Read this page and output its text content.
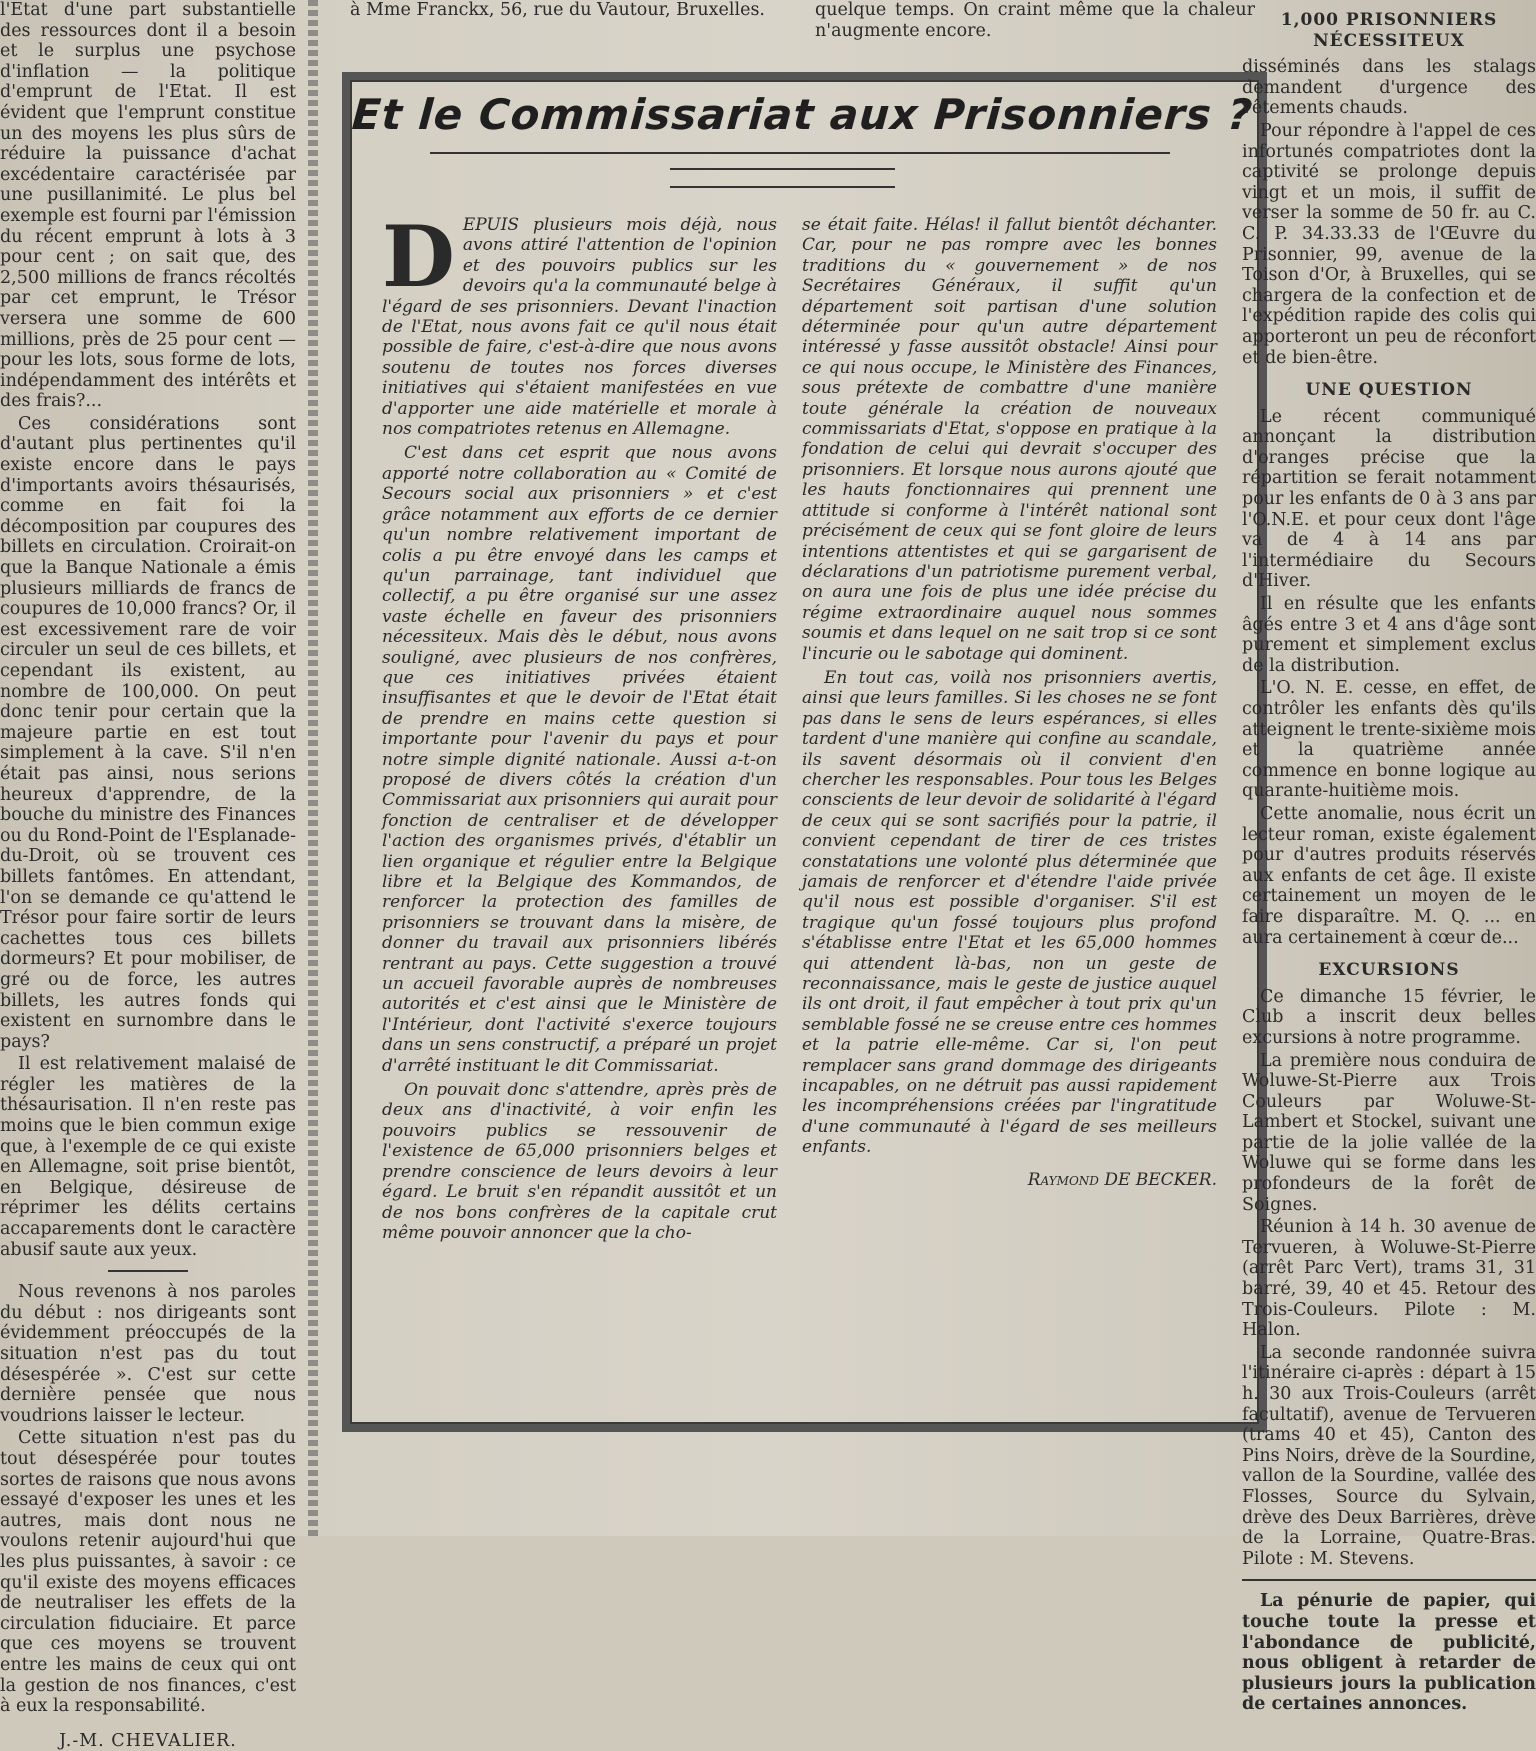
l'Etat d'une part substantielle des ressources dont il a besoin et le surplus une psychose d'inflation — la politique d'emprunt de l'Etat. Il est évident que l'emprunt constitue un des moyens les plus sûrs de réduire la puissance d'achat excédentaire caractérisée par une pusillanimité. Le plus bel exemple est fourni par l'émission du récent emprunt à lots à 3 pour cent ; on sait que, des 2,500 millions de francs récoltés par cet emprunt, le Trésor versera une somme de 600 millions, près de 25 pour cent — pour les lots, sous forme de lots, indépendamment des intérêts et des frais?...

Ces considérations sont d'autant plus pertinentes qu'il existe encore dans le pays d'importants avoirs thésaurisés, comme en fait foi la décomposition par coupures des billets en circulation. Croirait-on que la Banque Nationale a émis plusieurs milliards de francs de coupures de 10,000 francs? Or, il est excessivement rare de voir circuler un seul de ces billets, et cependant ils existent, au nombre de 100,000. On peut donc tenir pour certain que la majeure partie en est tout simplement à la cave. S'il n'en était pas ainsi, nous serions heureux d'apprendre, de la bouche du ministre des Finances ou du Rond-Point de l'Esplanade-du-Droit, où se trouvent ces billets fantômes. En attendant, l'on se demande ce qu'attend le Trésor pour faire sortir de leurs cachettes tous ces billets dormeurs? Et pour mobiliser, de gré ou de force, les autres billets, les autres fonds qui existent en surnombre dans le pays?

Il est relativement malaisé de régler les matières de la thésaurisation. Il n'en reste pas moins que le bien commun exige que, à l'exemple de ce qui existe en Allemagne, soit prise bientôt, en Belgique, désireuse de réprimer les délits certains accaparements dont le caractère abusif saute aux yeux.

Nous revenons à nos paroles du début : nos dirigeants sont évidemment préoccupés de la situation n'est pas du tout désespérée ». C'est sur cette dernière pensée que nous voudrions laisser le lecteur.

Cette situation n'est pas du tout désespérée pour toutes sortes de raisons que nous avons essayé d'exposer les unes et les autres, mais dont nous ne voulons retenir aujourd'hui que les plus puissantes, à savoir : ce qu'il existe des moyens efficaces de neutraliser les effets de la circulation fiduciaire. Et parce que ces moyens se trouvent entre les mains de ceux qui ont la gestion de nos finances, c'est à eux la responsabilité.

J.-M. CHEVALIER.

à Mme Franckx, 56, rue du Vautour, Bruxelles.	quelque temps. On craint même que la chaleur n'augmente encore.

Et le Commissariat aux Prisonniers ?

DEPUIS plusieurs mois déjà, nous avons attiré l'attention de l'opinion et des pouvoirs publics sur les devoirs qu'a la communauté belge à l'égard de ses prisonniers. Devant l'inaction de l'Etat, nous avons fait ce qu'il nous était possible de faire, c'est-à-dire que nous avons soutenu de toutes nos forces diverses initiatives qui s'étaient manifestées en vue d'apporter une aide matérielle et morale à nos compatriotes retenus en Allemagne.

C'est dans cet esprit que nous avons apporté notre collaboration au « Comité de Secours social aux prisonniers » et c'est grâce notamment aux efforts de ce dernier qu'un nombre relativement important de colis a pu être envoyé dans les camps et qu'un parrainage, tant individuel que collectif, a pu être organisé sur une assez vaste échelle en faveur des prisonniers nécessiteux. Mais dès le début, nous avons souligné, avec plusieurs de nos confrères, que ces initiatives privées étaient insuffisantes et que le devoir de l'Etat était de prendre en mains cette question si importante pour l'avenir du pays et pour notre simple dignité nationale. Aussi a-t-on proposé de divers côtés la création d'un Commissariat aux prisonniers qui aurait pour fonction de centraliser et de développer l'action des organismes privés, d'établir un lien organique et régulier entre la Belgique libre et la Belgique des Kommandos, de renforcer la protection des familles de prisonniers se trouvant dans la misère, de donner du travail aux prisonniers libérés rentrant au pays. Cette suggestion a trouvé un accueil favorable auprès de nombreuses autorités et c'est ainsi que le Ministère de l'Intérieur, dont l'activité s'exerce toujours dans un sens constructif, a préparé un projet d'arrêté instituant le dit Commissariat.

On pouvait donc s'attendre, après près de deux ans d'inactivité, à voir enfin les pouvoirs publics se ressouvenir de l'existence de 65,000 prisonniers belges et prendre conscience de leurs devoirs à leur égard. Le bruit s'en répandit aussitôt et un de nos bons confrères de la capitale crut même pouvoir annoncer que la cho-

se était faite. Hélas! il fallut bientôt déchanter. Car, pour ne pas rompre avec les bonnes traditions du « gouvernement » de nos Secrétaires Généraux, il suffit qu'un département soit partisan d'une solution déterminée pour qu'un autre département intéressé y fasse aussitôt obstacle! Ainsi pour ce qui nous occupe, le Ministère des Finances, sous prétexte de combattre d'une manière toute générale la création de nouveaux commissariats d'Etat, s'oppose en pratique à la fondation de celui qui devrait s'occuper des prisonniers. Et lorsque nous aurons ajouté que les hauts fonctionnaires qui prennent une attitude si conforme à l'intérêt national sont précisément de ceux qui se font gloire de leurs intentions attentistes et qui se gargarisent de déclarations d'un patriotisme purement verbal, on aura une fois de plus une idée précise du régime extraordinaire auquel nous sommes soumis et dans lequel on ne sait trop si ce sont l'incurie ou le sabotage qui dominent.

En tout cas, voilà nos prisonniers avertis, ainsi que leurs familles. Si les choses ne se font pas dans le sens de leurs espérances, si elles tardent d'une manière qui confine au scandale, ils savent désormais où il convient d'en chercher les responsables. Pour tous les Belges conscients de leur devoir de solidarité à l'égard de ceux qui se sont sacrifiés pour la patrie, il convient cependant de tirer de ces tristes constatations une volonté plus déterminée que jamais de renforcer et d'étendre l'aide privée qu'il nous est possible d'organiser. S'il est tragique qu'un fossé toujours plus profond s'établisse entre l'Etat et les 65,000 hommes qui attendent là-bas, non un geste de reconnaissance, mais le geste de justice auquel ils ont droit, il faut empêcher à tout prix qu'un semblable fossé ne se creuse entre ces hommes et la patrie elle-même. Car si, l'on peut remplacer sans grand dommage des dirigeants incapables, on ne détruit pas aussi rapidement les incompréhensions créées par l'ingratitude d'une communauté à l'égard de ses meilleurs enfants.

Raymond DE BECKER.
1,000 PRISONNIERS NÉCESSITEUX

disséminés dans les stalags demandent d'urgence des vêtements chauds.

Pour répondre à l'appel de ces infortunés compatriotes dont la captivité se prolonge depuis vingt et un mois, il suffit de verser la somme de 50 fr. au C. C. P. 34.33.33 de l'Œuvre du Prisonnier, 99, avenue de la Toison d'Or, à Bruxelles, qui se chargera de la confection et de l'expédition rapide des colis qui apporteront un peu de réconfort et de bien-être.

UNE QUESTION

Le récent communiqué annonçant la distribution d'oranges précise que la répartition se ferait notamment pour les enfants de 0 à 3 ans par l'O.N.E. et pour ceux dont l'âge va de 4 à 14 ans par l'intermédiaire du Secours d'Hiver.

Il en résulte que les enfants âgés entre 3 et 4 ans d'âge sont purement et simplement exclus de la distribution.

L'O. N. E. cesse, en effet, de contrôler les enfants dès qu'ils atteignent le trente-sixième mois et la quatrième année commence en bonne logique au quarante-huitième mois.

Cette anomalie, nous écrit un lecteur roman, existe également pour d'autres produits réservés aux enfants de cet âge. Il existe certainement un moyen de le faire disparaître. M. Q. ... en aura certainement à cœur de...

EXCURSIONS

Ce dimanche 15 février, le Club a inscrit deux belles excursions à notre programme.

La première nous conduira de Woluwe-St-Pierre aux Trois Couleurs par Woluwe-St-Lambert et Stockel, suivant une partie de la jolie vallée de la Woluwe qui se forme dans les profondeurs de la forêt de Soignes.

Réunion à 14 h. 30 avenue de Tervueren, à Woluwe-St-Pierre (arrêt Parc Vert), trams 31, 31 barré, 39, 40 et 45. Retour des Trois-Couleurs. Pilote : M. Halon.

La seconde randonnée suivra l'itinéraire ci-après : départ à 15 h. 30 aux Trois-Couleurs (arrêt facultatif), avenue de Tervueren (trams 40 et 45), Canton des Pins Noirs, drève de la Sourdine, vallon de la Sourdine, vallée des Flosses, Source du Sylvain, drève des Deux Barrières, drève de la Lorraine, Quatre-Bras. Pilote : M. Stevens.

La pénurie de papier, qui touche toute la presse et l'abondance de publicité, nous obligent à retarder de plusieurs jours la publication de certaines annonces.
